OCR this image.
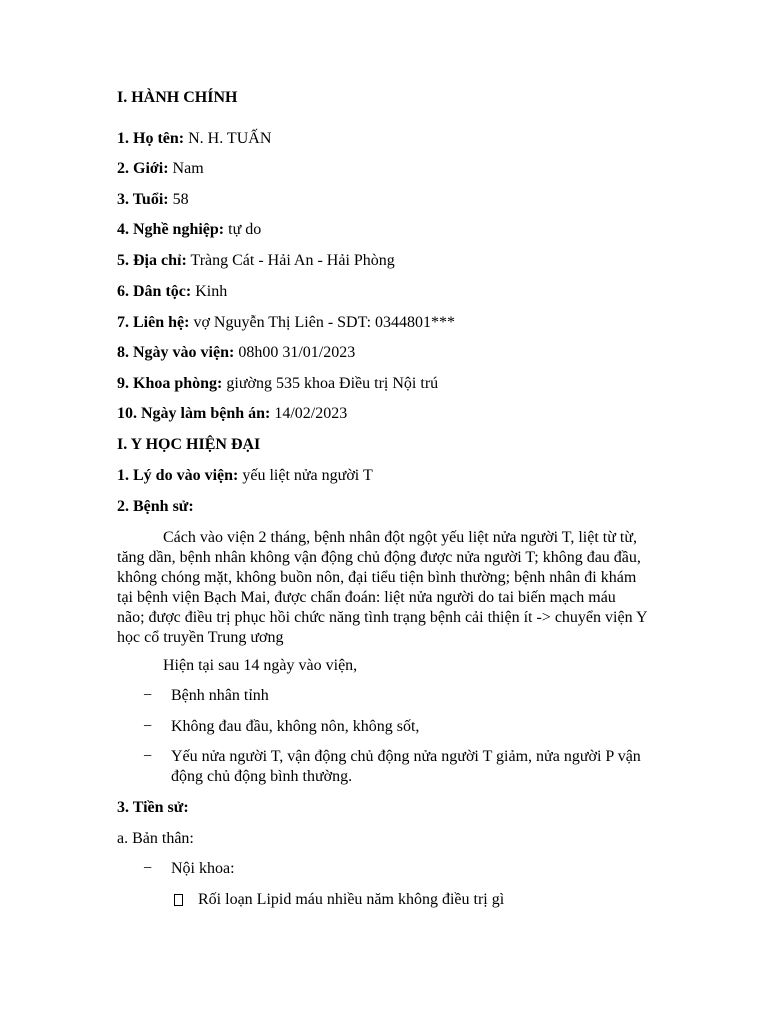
I. HÀNH CHÍNH
1. Họ tên: N. H. TUẤN
2. Giới: Nam
3. Tuổi: 58
4. Nghề nghiệp: tự do
5. Địa chỉ: Tràng Cát - Hải An - Hải Phòng
6. Dân tộc: Kinh
7. Liên hệ: vợ Nguyễn Thị Liên - SDT: 0344801***
8. Ngày vào viện: 08h00 31/01/2023
9. Khoa phòng: giường 535 khoa Điều trị Nội trú
10. Ngày làm bệnh án: 14/02/2023
I. Y HỌC HIỆN ĐẠI
1. Lý do vào viện: yếu liệt nửa người T
2. Bệnh sử:
Cách vào viện 2 tháng, bệnh nhân đột ngột yếu liệt nửa người T, liệt từ từ, tăng dần, bệnh nhân không vận động chủ động được nửa người T; không đau đầu, không chóng mặt, không buồn nôn, đại tiểu tiện bình thường; bệnh nhân đi khám tại bệnh viện Bạch Mai, được chẩn đoán: liệt nửa người do tai biến mạch máu não; được điều trị phục hồi chức năng tình trạng bệnh cải thiện ít -> chuyển viện Y học cổ truyền Trung ương
Hiện tại sau 14 ngày vào viện,
− Bệnh nhân tỉnh
− Không đau đầu, không nôn, không sốt,
− Yếu nửa người T, vận động chủ động nửa người T giảm, nửa người P vận động chủ động bình thường.
3. Tiền sử:
a. Bản thân:
− Nội khoa:
Rối loạn Lipid máu nhiều năm không điều trị gì
